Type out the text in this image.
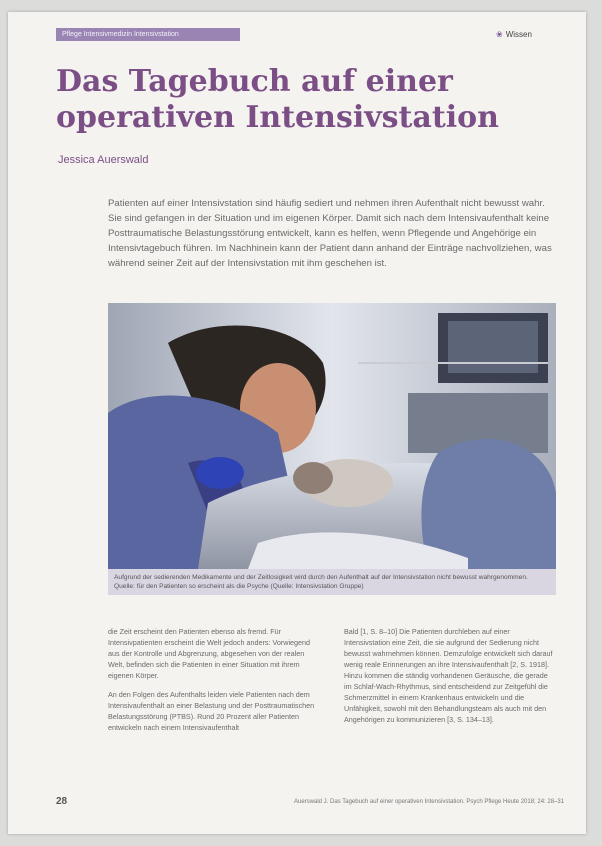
Pflege Intensivmedizin Intensivstation	❀ Wissen
Das Tagebuch auf einer
operativen Intensivstation
Jessica Auerswald
Patienten auf einer Intensivstation sind häufig sediert und nehmen ihren Aufenthalt nicht bewusst wahr. Sie sind gefangen in der Situation und im eigenen Körper. Damit sich nach dem Intensivaufenthalt keine Posttraumatische Belastungsstörung entwickelt, kann es helfen, wenn Pflegende und Angehörige ein Intensivtagebuch führen. Im Nachhinein kann der Patient dann anhand der Einträge nachvollziehen, was während seiner Zeit auf der Intensivstation mit ihm geschehen ist.
Aufgrund der sedierenden Medikamente und der Zeitlosigkeit wird durch den Aufenthalt auf der Intensivstation nicht bewusst wahrgenommen. Quelle: für den Patienten so erscheint als die Psyche (Quelle: Intensivstation Gruppe)

die Zeit erscheint den Patienten ebenso als fremd. Für Intensivpatienten erscheint die Welt jedoch anders: Vorwiegend aus der Kontrolle und Abgrenzung, abgesehen von der realen Welt, befinden sich die Patienten in einer Situation mit ihrem eigenen Körper.

An den Folgen des Aufenthalts leiden viele Patienten nach dem Intensivaufenthalt an einer Belastung und der Posttraumatischen Belastungsstörung (PTBS). Rund 20 Prozent aller Patienten entwickeln nach einem Intensivaufenthalt

Bald [1, S. 8–10] Die Patienten durchleben auf einer Intensivstation eine Zeit, die sie aufgrund der Sedierung nicht bewusst wahrnehmen können. Demzufolge entwickelt sich darauf wenig reale Erinnerungen an ihre Intensivaufenthalt [2, S. 1918]. Hinzu kommen die ständig vorhandenen Geräusche, die gerade im Schlaf-Wach-Rhythmus, sind entscheidend zur Zeitgefühl die Schmerzmittel in einem Krankenhaus entwickeln und die Unfähigkeit, sowohl mit den Behandlungsteam als auch mit den Angehörigen zu kommunizieren [3, S. 134–13].

28	Auerswald J. Das Tagebuch auf einer operativen Intensivstation. Psych Pflege Heute 2018; 24: 28–31
